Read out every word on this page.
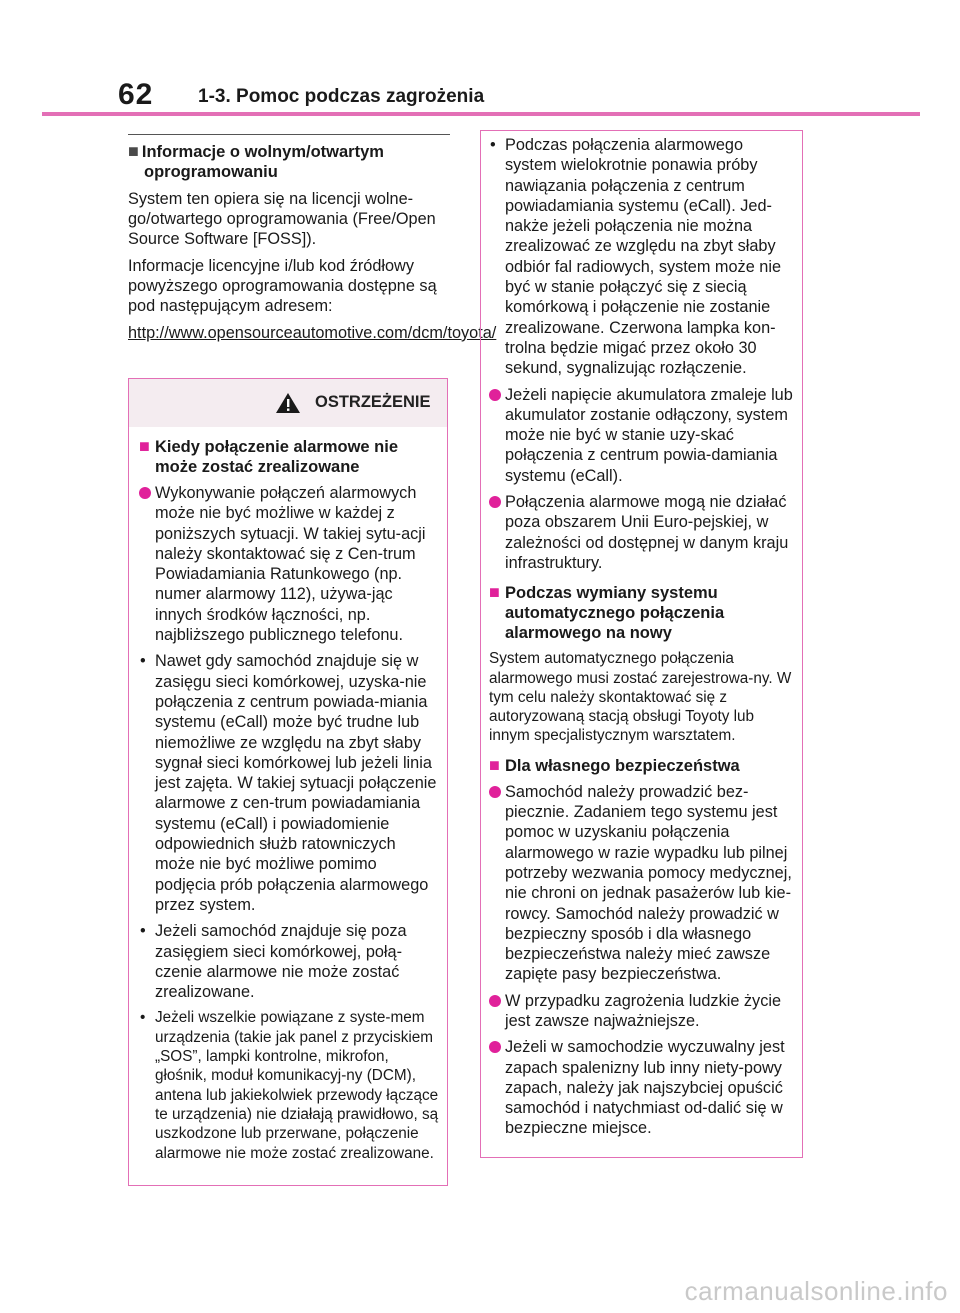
62 1-3. Pomoc podczas zagrożenia
■ Informacje o wolnym/otwartym oprogramowaniu
System ten opiera się na licencji wolne-go/otwartego oprogramowania (Free/Open Source Software [FOSS]).
Informacje licencyjne i/lub kod źródłowy powyższego oprogramowania dostępne są pod następującym adresem:
http://www.opensourceautomotive.com/dcm/toyota/
OSTRZEŻENIE
■ Kiedy połączenie alarmowe nie może zostać zrealizowane
Wykonywanie połączeń alarmowych może nie być możliwe w każdej z poniższych sytuacji. W takiej sytu-acji należy skontaktować się z Cen-trum Powiadamiania Ratunkowego (np. numer alarmowy 112), używa-jąc innych środków łączności, np. najbliższego publicznego telefonu.
• Nawet gdy samochód znajduje się w zasięgu sieci komórkowej, uzyska-nie połączenia z centrum powiada-miania systemu (eCall) może być trudne lub niemożliwe ze względu na zbyt słaby sygnał sieci komórkowej lub jeżeli linia jest zajęta. W takiej sytuacji połączenie alarmowe z cen-trum powiadamiania systemu (eCall) i powiadomienie odpowiednich służb ratowniczych może nie być możliwe pomimo podjęcia prób połączenia alarmowego przez system.
• Jeżeli samochód znajduje się poza zasięgiem sieci komórkowej, połą-czenie alarmowe nie może zostać zrealizowane.
• Jeżeli wszelkie powiązane z syste-mem urządzenia (takie jak panel z przyciskiem „SOS”, lampki kontrolne, mikrofon, głośnik, moduł komunikacyj-ny (DCM), antena lub jakiekolwiek przewody łączące te urządzenia) nie działają prawidłowo, są uszkodzone lub przerwane, połączenie alarmowe nie może zostać zrealizowane.
• Podczas połączenia alarmowego system wielokrotnie ponawia próby nawiązania połączenia z centrum powiadamiania systemu (eCall). Jed-nakże jeżeli połączenia nie można zrealizować ze względu na zbyt słaby odbiór fal radiowych, system może nie być w stanie połączyć się z siecią komórkową i połączenie nie zostanie zrealizowane. Czerwona lampka kon-trolna będzie migać przez około 30 sekund, sygnalizując rozłączenie.
Jeżeli napięcie akumulatora zmaleje lub akumulator zostanie odłączony, system może nie być w stanie uzy-skać połączenia z centrum powia-damiania systemu (eCall).
Połączenia alarmowe mogą nie działać poza obszarem Unii Euro-pejskiej, w zależności od dostępnej w danym kraju infrastruktury.
■ Podczas wymiany systemu automatycznego połączenia alarmowego na nowy
System automatycznego połączenia alarmowego musi zostać zarejestrowa-ny. W tym celu należy skontaktować się z autoryzowaną stacją obsługi Toyoty lub innym specjalistycznym warsztatem.
■ Dla własnego bezpieczeństwa
Samochód należy prowadzić bez-piecznie. Zadaniem tego systemu jest pomoc w uzyskaniu połączenia alarmowego w razie wypadku lub pilnej potrzeby wezwania pomocy medycznej, nie chroni on jednak pasażerów lub kie-rowcy. Samochód należy prowadzić w bezpieczny sposób i dla własnego bezpieczeństwa należy mieć zawsze zapięte pasy bezpieczeństwa.
W przypadku zagrożenia ludzkie życie jest zawsze najważniejsze.
Jeżeli w samochodzie wyczuwalny jest zapach spalenizny lub inny niety-powy zapach, należy jak najszybciej opuścić samochód i natychmiast od-dalić się w bezpieczne miejsce.
carmanualsonline.info
